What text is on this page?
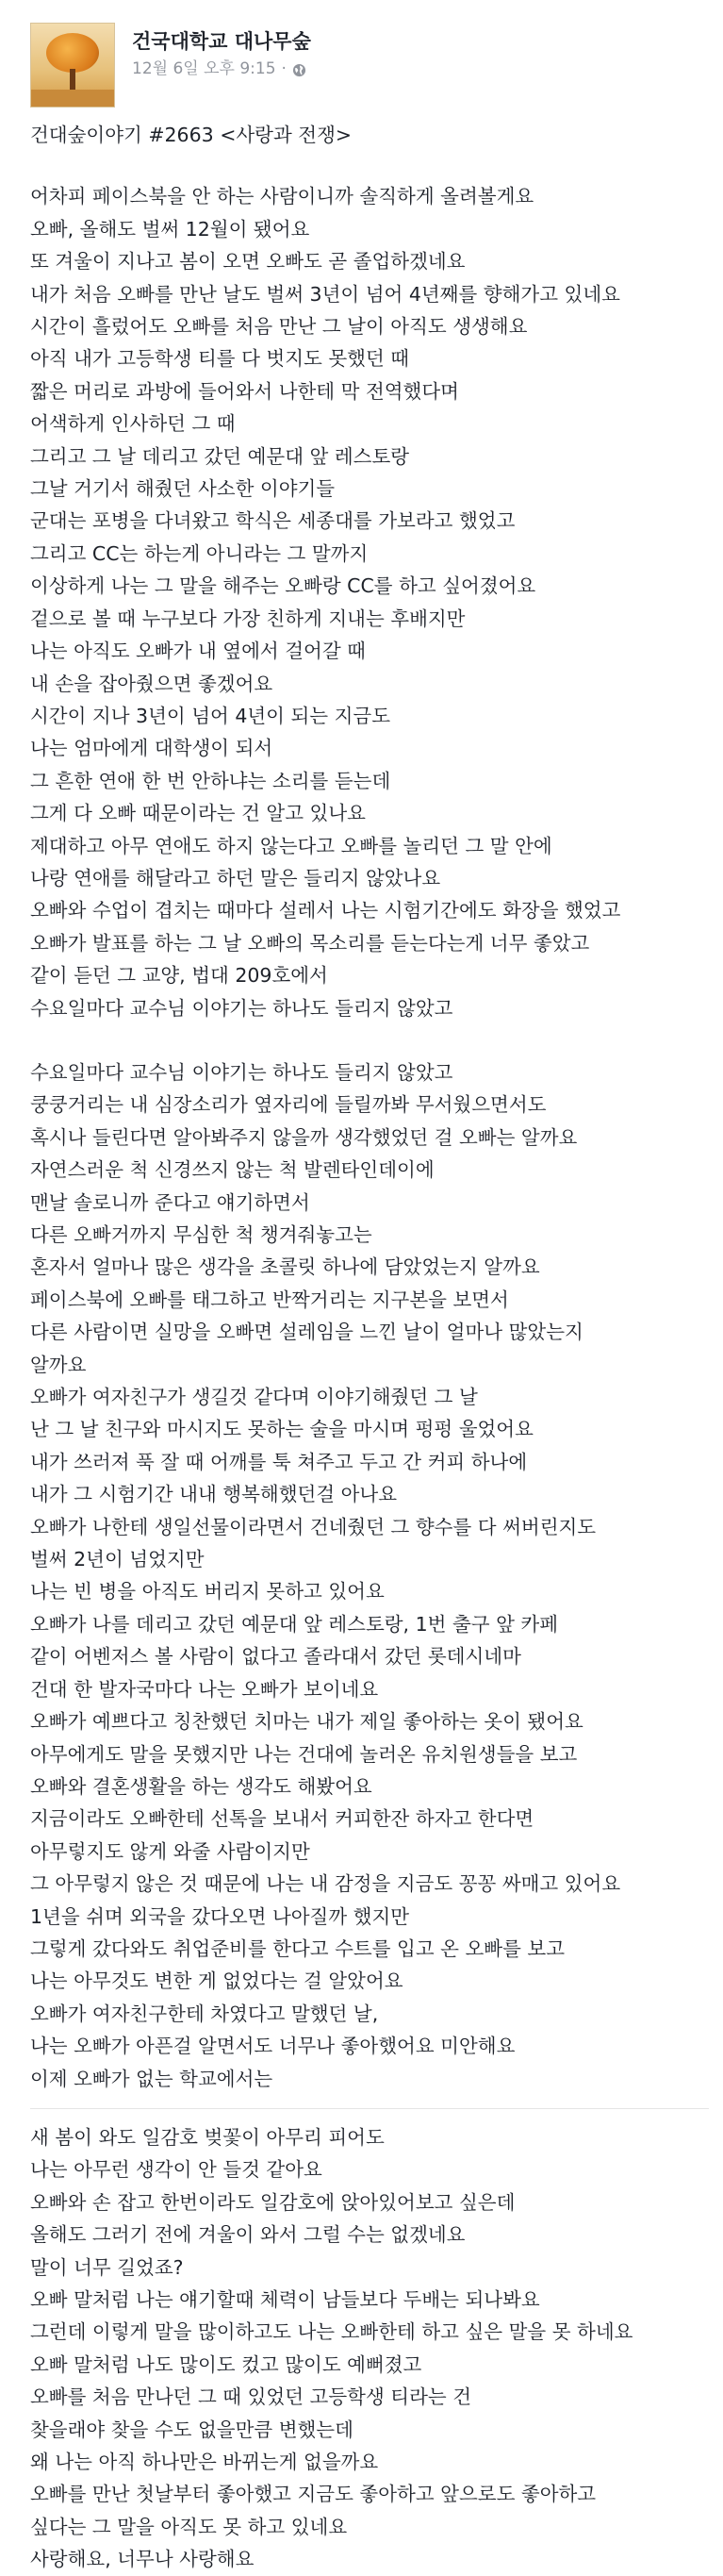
건국대학교 대나무숲
12월 6일 오후 9:15 ·

건대숲이야기 #2663 <사랑과 전쟁>

어차피 페이스북을 안 하는 사람이니까 솔직하게 올려볼게요

오빠, 올해도 벌써 12월이 됐어요

또 겨울이 지나고 봄이 오면 오빠도 곧 졸업하겠네요

내가 처음 오빠를 만난 날도 벌써 3년이 넘어 4년째를 향해가고 있네요

시간이 흘렀어도 오빠를 처음 만난 그 날이 아직도 생생해요

아직 내가 고등학생 티를 다 벗지도 못했던 때

짧은 머리로 과방에 들어와서 나한테 막 전역했다며

어색하게 인사하던 그 때

그리고 그 날 데리고 갔던 예문대 앞 레스토랑

그날 거기서 해줬던 사소한 이야기들

군대는 포병을 다녀왔고 학식은 세종대를 가보라고 했었고

그리고 CC는 하는게 아니라는 그 말까지

이상하게 나는 그 말을 해주는 오빠랑 CC를 하고 싶어졌어요

겉으로 볼 때 누구보다 가장 친하게 지내는 후배지만

나는 아직도 오빠가 내 옆에서 걸어갈 때

내 손을 잡아줬으면 좋겠어요

시간이 지나 3년이 넘어 4년이 되는 지금도

나는 엄마에게 대학생이 되서

그 흔한 연애 한 번 안하냐는 소리를 듣는데

그게 다 오빠 때문이라는 건 알고 있나요

제대하고 아무 연애도 하지 않는다고 오빠를 놀리던 그 말 안에

나랑 연애를 해달라고 하던 말은 들리지 않았나요

오빠와 수업이 겹치는 때마다 설레서 나는 시험기간에도 화장을 했었고

오빠가 발표를 하는 그 날 오빠의 목소리를 듣는다는게 너무 좋았고

같이 듣던 그 교양, 법대 209호에서

수요일마다 교수님 이야기는 하나도 들리지 않았고

수요일마다 교수님 이야기는 하나도 들리지 않았고

쿵쿵거리는 내 심장소리가 옆자리에 들릴까봐 무서웠으면서도

혹시나 들린다면 알아봐주지 않을까 생각했었던 걸 오빠는 알까요

자연스러운 척 신경쓰지 않는 척 발렌타인데이에

맨날 솔로니까 준다고 얘기하면서

다른 오빠거까지 무심한 척 챙겨줘놓고는

혼자서 얼마나 많은 생각을 초콜릿 하나에 담았었는지 알까요

페이스북에 오빠를 태그하고 반짝거리는 지구본을 보면서

다른 사람이면 실망을 오빠면 설레임을 느낀 날이 얼마나 많았는지

알까요

오빠가 여자친구가 생길것 같다며 이야기해줬던 그 날

난 그 날 친구와 마시지도 못하는 술을 마시며 펑펑 울었어요

내가 쓰러져 푹 잘 때 어깨를 툭 쳐주고 두고 간 커피 하나에

내가 그 시험기간 내내 행복해했던걸 아나요

오빠가 나한테 생일선물이라면서 건네줬던 그 향수를 다 써버린지도

벌써 2년이 넘었지만

나는 빈 병을 아직도 버리지 못하고 있어요

오빠가 나를 데리고 갔던 예문대 앞 레스토랑, 1번 출구 앞 카페

같이 어벤저스 볼 사람이 없다고 졸라대서 갔던 롯데시네마

건대 한 발자국마다 나는 오빠가 보이네요

오빠가 예쁘다고 칭찬했던 치마는 내가 제일 좋아하는 옷이 됐어요

아무에게도 말을 못했지만 나는 건대에 놀러온 유치원생들을 보고

오빠와 결혼생활을 하는 생각도 해봤어요

지금이라도 오빠한테 선톡을 보내서 커피한잔 하자고 한다면

아무렇지도 않게 와줄 사람이지만

그 아무렇지 않은 것 때문에 나는 내 감정을 지금도 꽁꽁 싸매고 있어요

1년을 쉬며 외국을 갔다오면 나아질까 했지만

그렇게 갔다와도 취업준비를 한다고 수트를 입고 온 오빠를 보고

나는 아무것도 변한 게 없었다는 걸 알았어요

오빠가 여자친구한테 차였다고 말했던 날,

나는 오빠가 아픈걸 알면서도 너무나 좋아했어요 미안해요

이제 오빠가 없는 학교에서는

새 봄이 와도 일감호 벚꽃이 아무리 피어도

나는 아무런 생각이 안 들것 같아요

오빠와 손 잡고 한번이라도 일감호에 앉아있어보고 싶은데

올해도 그러기 전에 겨울이 와서 그럴 수는 없겠네요

말이 너무 길었죠?

오빠 말처럼 나는 얘기할때 체력이 남들보다 두배는 되나봐요

그런데 이렇게 말을 많이하고도 나는 오빠한테 하고 싶은 말을 못 하네요

오빠 말처럼 나도 많이도 컸고 많이도 예뻐졌고

오빠를 처음 만나던 그 때 있었던 고등학생 티라는 건

찾을래야 찾을 수도 없을만큼 변했는데

왜 나는 아직 하나만은 바뀌는게 없을까요

오빠를 만난 첫날부터 좋아했고 지금도 좋아하고 앞으로도 좋아하고

싶다는 그 말을 아직도 못 하고 있네요

사랑해요, 너무나 사랑해요
